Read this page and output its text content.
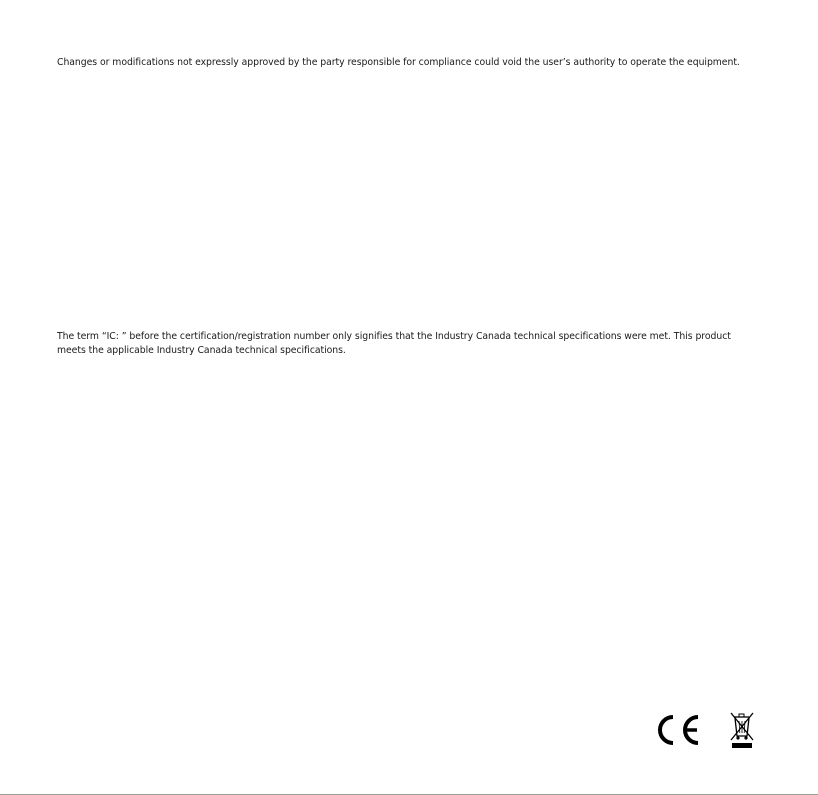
Changes or modifications not expressly approved by the party responsible for compliance could void the user’s authority to operate the equipment.

The term “IC: ” before the certification/registration number only signifies that the Industry Canada technical specifications were met. This product meets the applicable Industry Canada technical specifications.
